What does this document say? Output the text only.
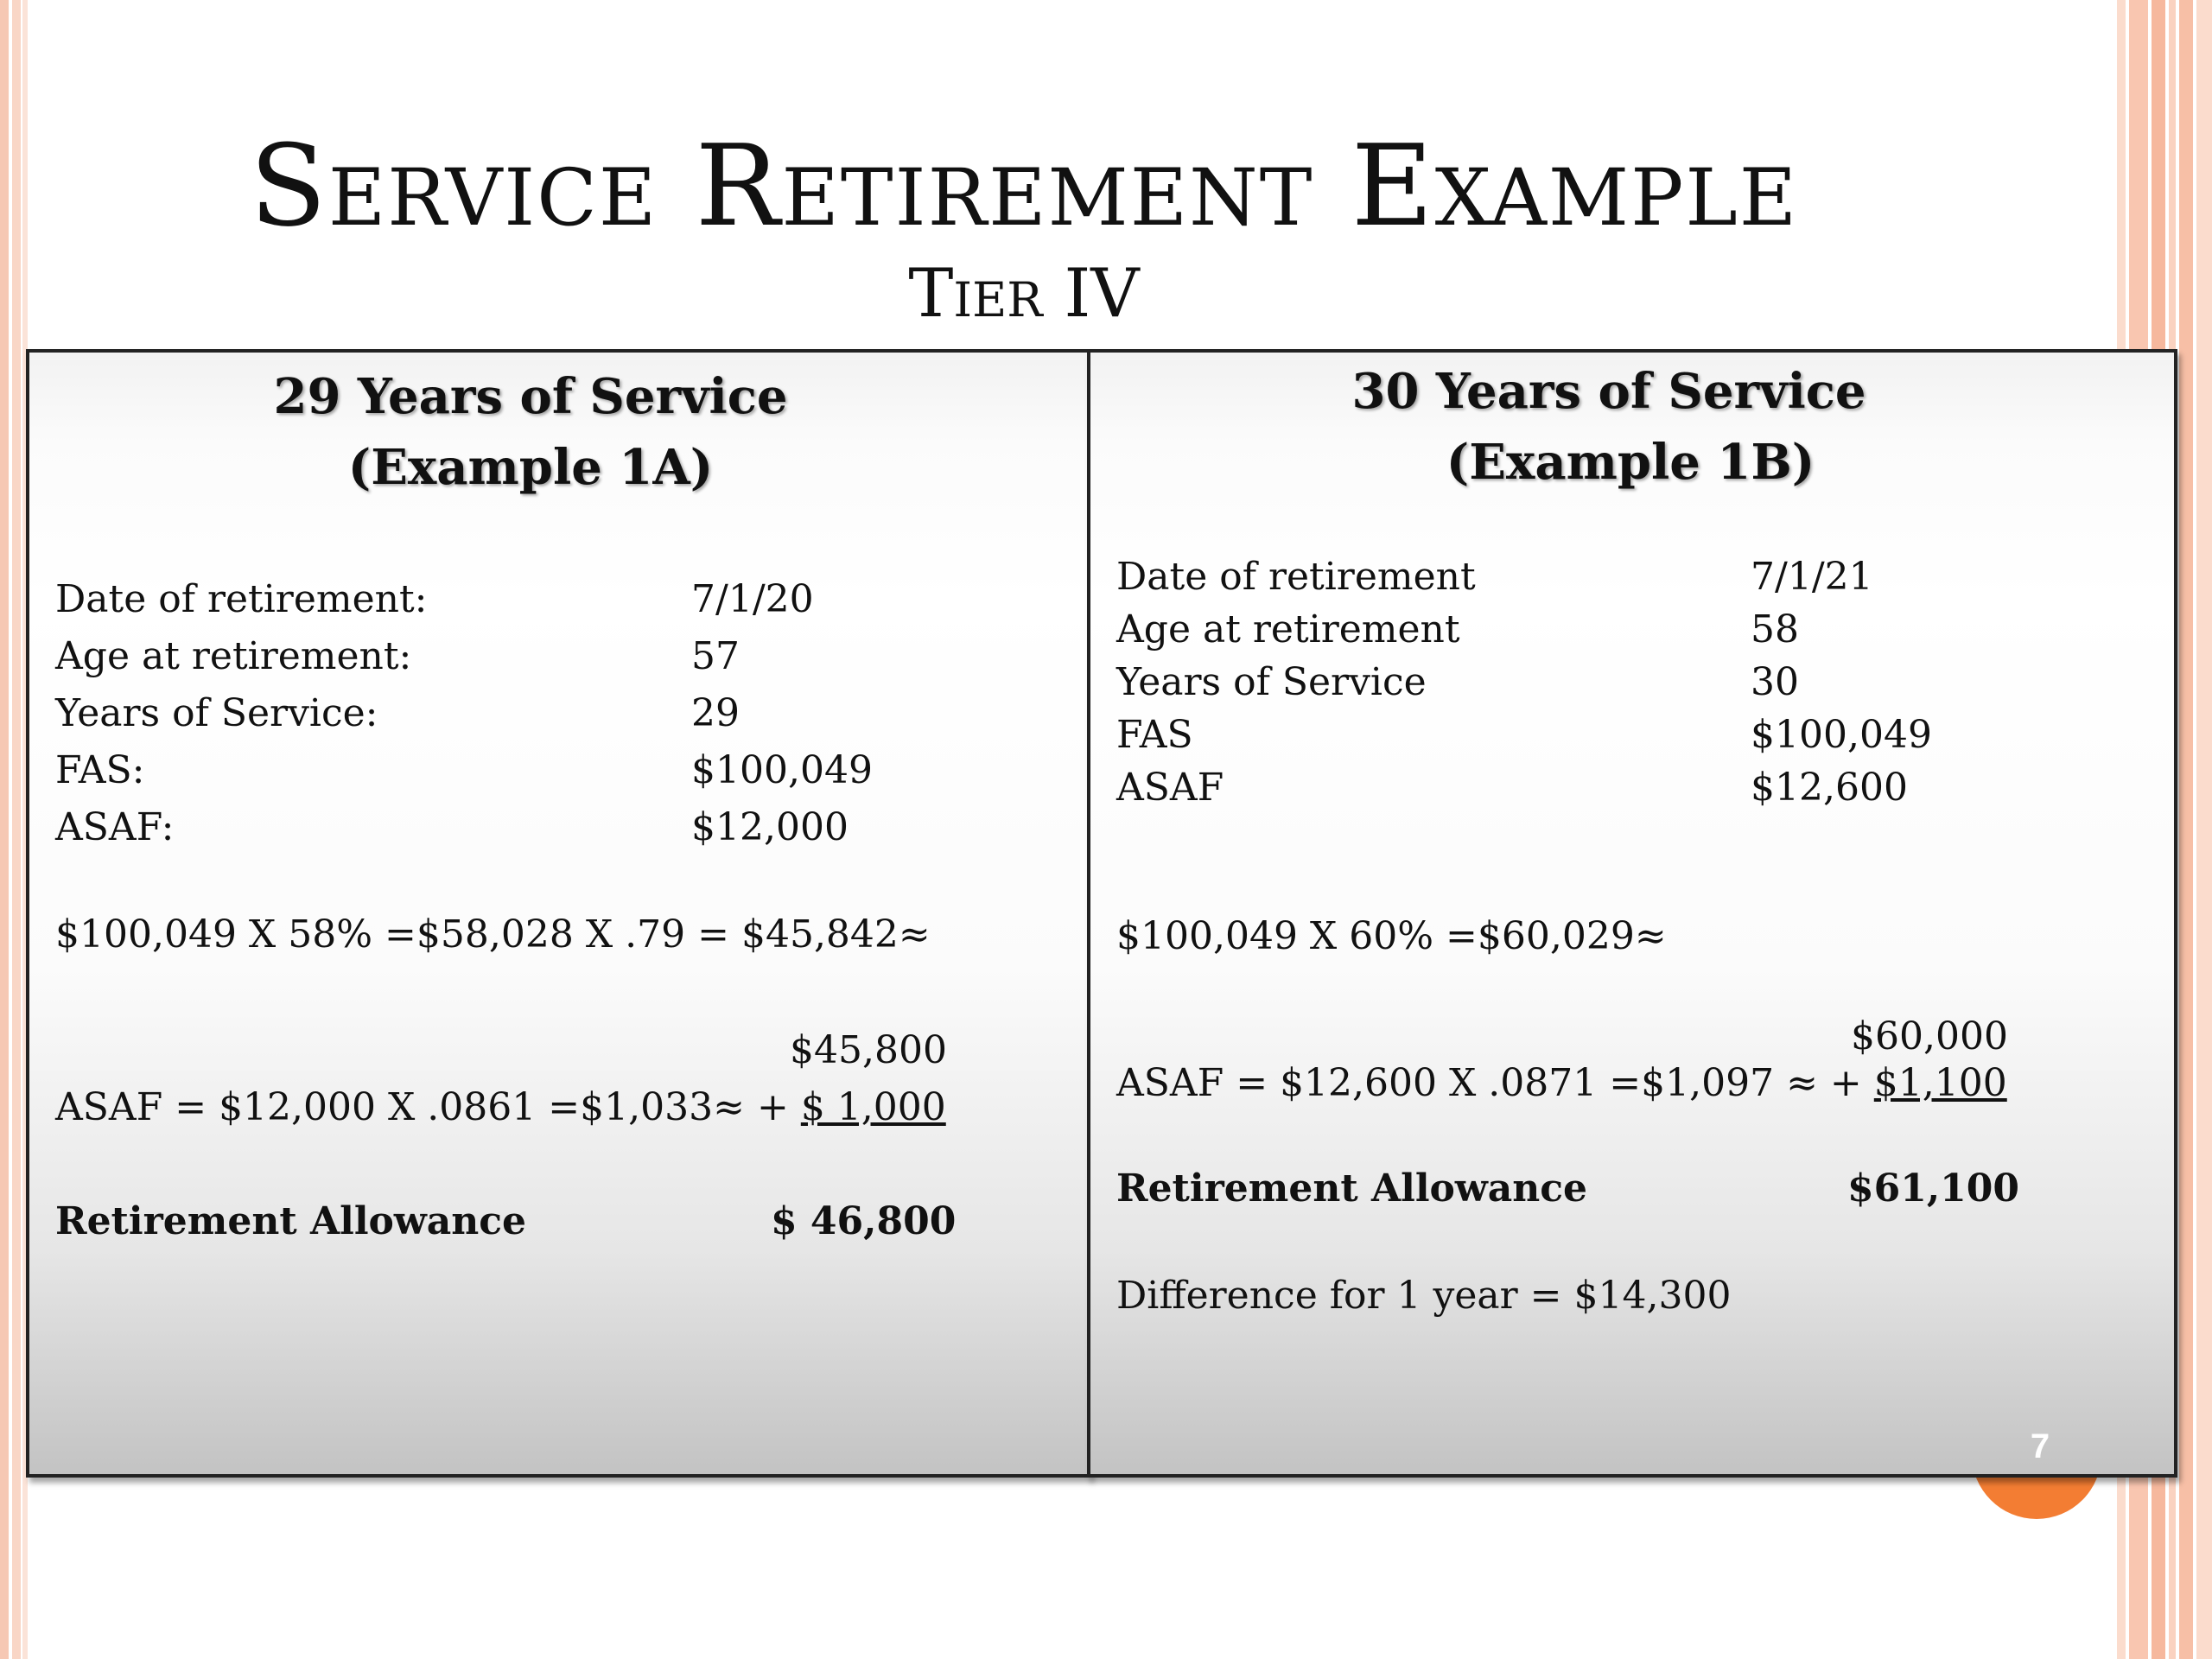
Service Retirement Example
Tier IV
29 Years of Service
(Example 1A)
Date of retirement:	7/1/20
Age at retirement:	57
Years of Service:	29
FAS:	$100,049
ASAF:	$12,000
$100,049 X 58% =$58,028 X .79 = $45,842≈
$45,800
ASAF = $12,000 X .0861 =$1,033≈ + $ 1,000
Retirement Allowance	$ 46,800
30 Years of Service
(Example 1B)
Date of retirement	7/1/21
Age at retirement	58
Years of Service	30
FAS	$100,049
ASAF	$12,600
$100,049 X 60% =$60,029≈
$60,000
ASAF = $12,600 X .0871 =$1,097 ≈ + $1,100
Retirement Allowance	$61,100
Difference for 1 year = $14,300
7
